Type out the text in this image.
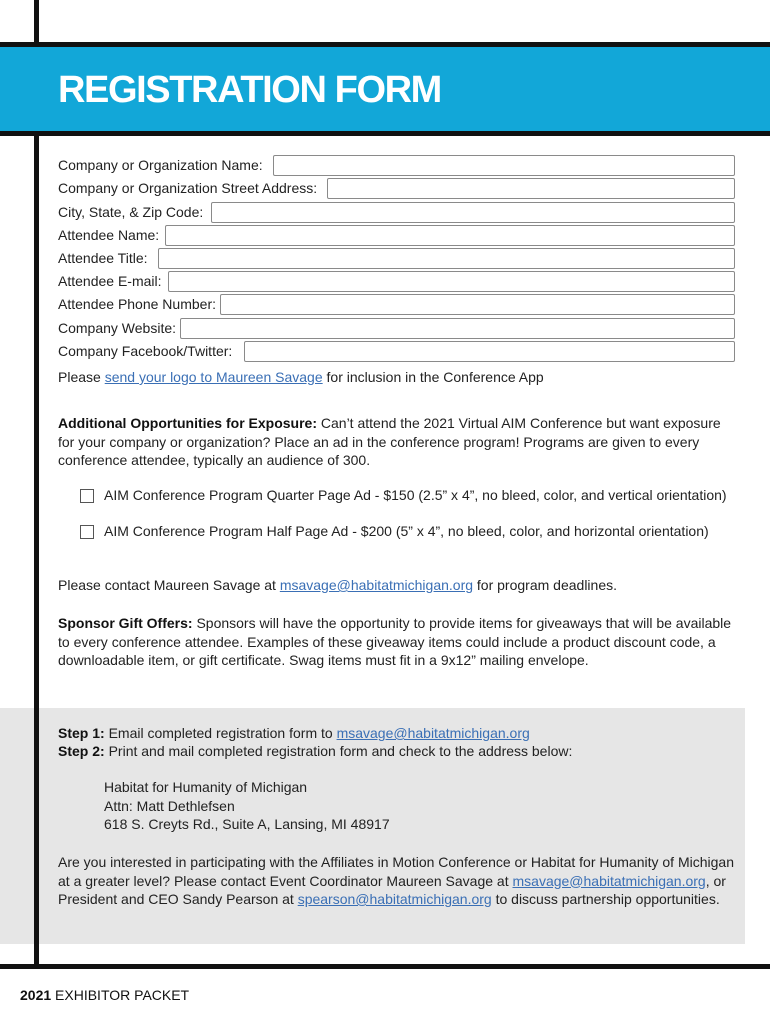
REGISTRATION FORM
Company or Organization Name:
Company or Organization Street Address:
City, State, & Zip Code:
Attendee Name:
Attendee Title:
Attendee E-mail:
Attendee Phone Number:
Company Website:
Company Facebook/Twitter:
Please send your logo to Maureen Savage for inclusion in the Conference App
Additional Opportunities for Exposure: Can’t attend the 2021 Virtual AIM Conference but want exposure for your company or organization? Place an ad in the conference program! Programs are given to every conference attendee, typically an audience of 300.
AIM Conference Program Quarter Page Ad - $150 (2.5” x 4”, no bleed, color, and vertical orientation)
AIM Conference Program Half Page Ad - $200 (5” x 4”, no bleed, color, and horizontal orientation)
Please contact Maureen Savage at msavage@habitatmichigan.org for program deadlines.
Sponsor Gift Offers: Sponsors will have the opportunity to provide items for giveaways that will be available to every conference attendee. Examples of these giveaway items could include a product discount code, a downloadable item, or gift certificate. Swag items must fit in a 9x12” mailing envelope.
Step 1: Email completed registration form to msavage@habitatmichigan.org
Step 2: Print and mail completed registration form and check to the address below:
Habitat for Humanity of Michigan
Attn: Matt Dethlefsen
618 S. Creyts Rd., Suite A, Lansing, MI 48917
Are you interested in participating with the Affiliates in Motion Conference or Habitat for Humanity of Michigan at a greater level? Please contact Event Coordinator Maureen Savage at msavage@habitatmichigan.org, or President and CEO Sandy Pearson at spearson@habitatmichigan.org to discuss partnership opportunities.
2021 EXHIBITOR PACKET
